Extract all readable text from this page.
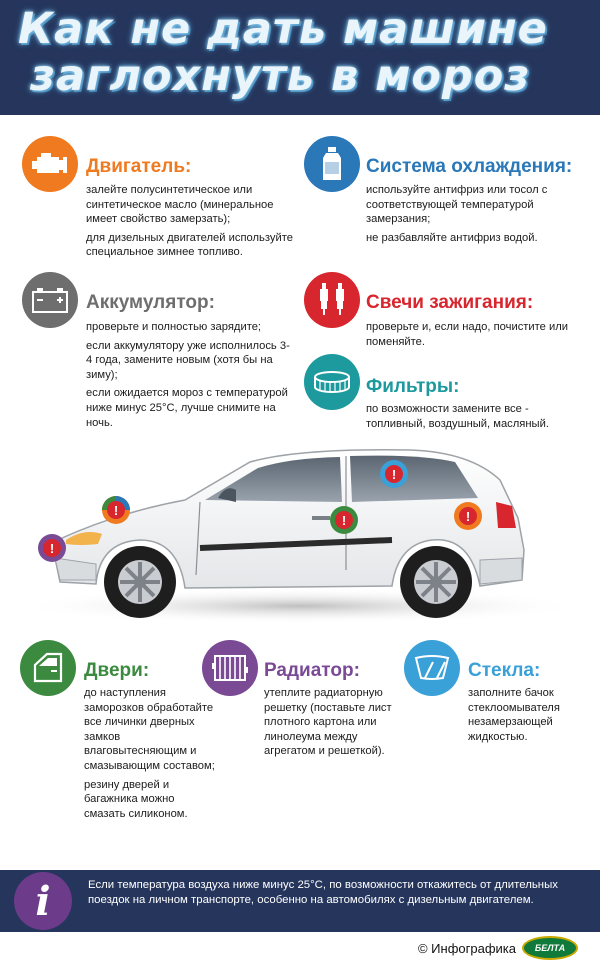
Как не дать машине
заглохнуть в мороз
Двигатель:

залейте полусинтетическое или синтетическое масло (минеральное имеет свойство замерзать);

для дизельных двигателей используйте специальное зимнее топливо.

Система охлаждения:

используйте антифриз или тосол с соответствующей температурой замерзания;

не разбавляйте антифриз водой.

Аккумулятор:

проверьте и полностью зарядите;

если аккумулятору уже исполнилось 3-4 года, замените новым (хотя бы на зиму);

если ожидается мороз с температурой ниже минус 25°С, лучше снимите на ночь.

Свечи зажигания:

проверьте и, если надо, почистите или поменяйте.

Фильтры:

по возможности замените все - топливный, воздушный, масляный.

!
!
!
!	!
Двери:

до наступления заморозков обработайте все личинки дверных замков влаговытесняющим и смазывающим составом;

резину дверей и багажника можно смазать силиконом.

Радиатор:

утеплите радиаторную решетку (поставьте лист плотного картона или линолеума между агрегатом и решеткой).

Стекла:

заполните бачок стеклоомывателя незамерзающей жидкостью.

i	Если температура воздуха ниже минус 25°С, по возможности откажитесь от длительных поездок на личном транспорте, особенно на автомобилях с дизельным двигателем.
© Инфографика	БЕЛТА
